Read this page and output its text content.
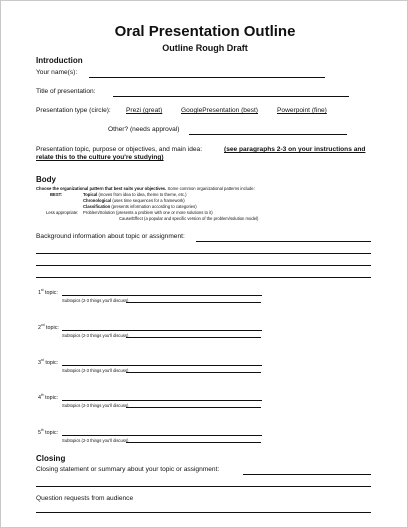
Oral Presentation Outline
Outline Rough Draft
Introduction
Your name(s):
Title of presentation:
Presentation type (circle): Prezi (great)	GooglePresentation (best)	Powerpoint (fine)
Other? (needs approval)
Presentation topic, purpose or objectives, and main idea:	(see paragraphs 2-3 on your instructions and
relate this to the culture you're studying)
Body
Choose the organizational pattern that best suits your objectives. Some common organizational patterns include:
BEST:	Topical (moves from idea to idea, theme to theme, etc.)
Chronological (uses time sequences for a framework)
Classification (presents information according to categories)
Less appropriate: Problem/Solution (presents a problem with one or more solutions to it)
Cause/Effect (a popular and specific version of the problem/solution model)
Background information about topic or assignment:
1st topic:
Subtopics (2-3 things you'll discuss)
2nd topic:
Subtopics (2-3 things you'll discuss)
3rd topic:
Subtopics (2-3 things you'll discuss)
4th topic:
Subtopics (2-3 things you'll discuss)
5th topic:
Subtopics (2-3 things you'll discuss)
Closing
Closing statement or summary about your topic or assignment:
Question requests from audience
